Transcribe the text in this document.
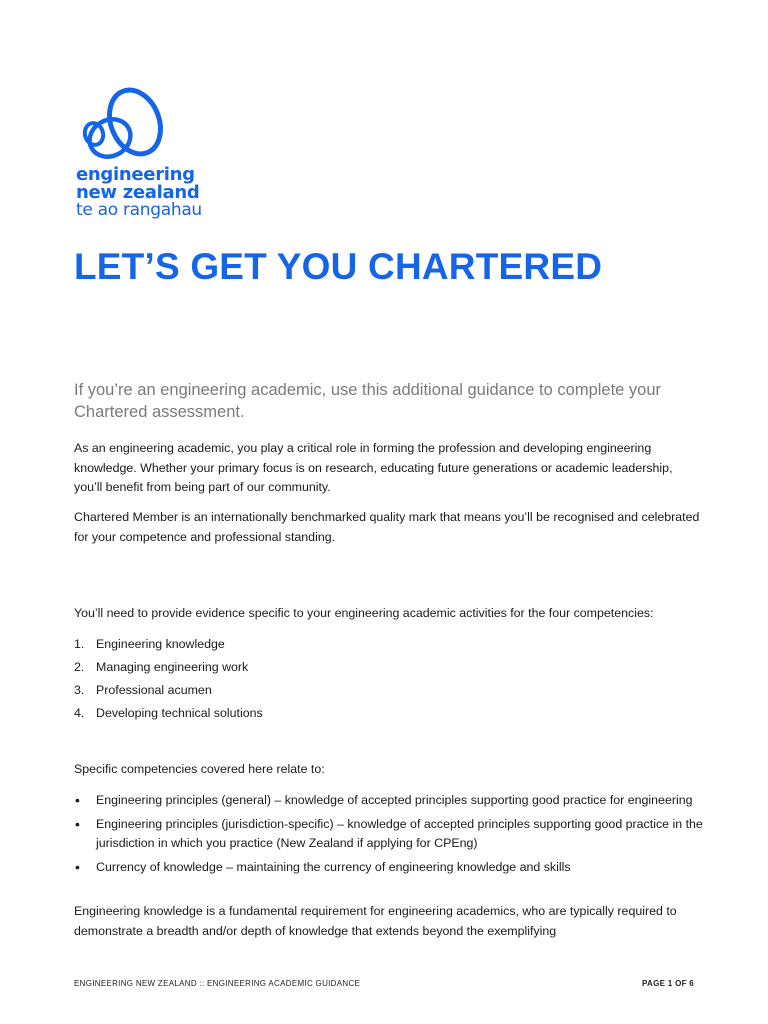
engineering
new zealand
te ao rangahau
LET’S GET YOU CHARTERED

If you’re an engineering academic, use this additional guidance to complete your Chartered assessment.

As an engineering academic, you play a critical role in forming the profession and developing engineering knowledge. Whether your primary focus is on research, educating future generations or academic leadership, you’ll benefit from being part of our community.

Chartered Member is an internationally benchmarked quality mark that means you’ll be recognised and celebrated for your competence and professional standing.

You’ll need to provide evidence specific to your engineering academic activities for the four competencies:

1. Engineering knowledge
2. Managing engineering work
3. Professional acumen
4. Developing technical solutions

Specific competencies covered here relate to:

• Engineering principles (general) – knowledge of accepted principles supporting good practice for engineering
• Engineering principles (jurisdiction-specific) – knowledge of accepted principles supporting good practice in the jurisdiction in which you practice (New Zealand if applying for CPEng)
• Currency of knowledge – maintaining the currency of engineering knowledge and skills

Engineering knowledge is a fundamental requirement for engineering academics, who are typically required to demonstrate a breadth and/or depth of knowledge that extends beyond the exemplifying

ENGINEERING NEW ZEALAND :: ENGINEERING ACADEMIC GUIDANCE	PAGE 1 OF 6
